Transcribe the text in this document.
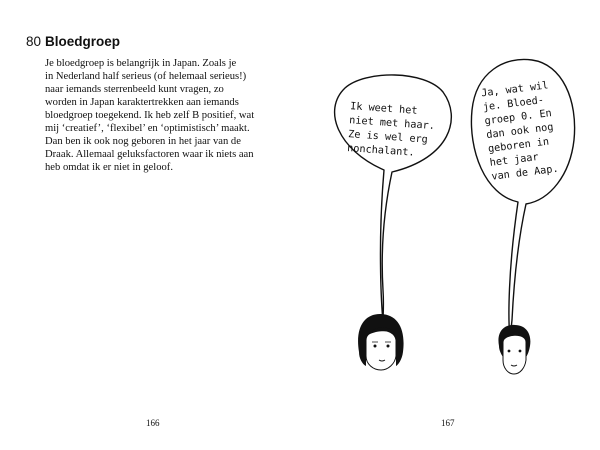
80 Bloedgroep

Je bloedgroep is belangrijk in Japan. Zoals je
in Nederland half serieus (of helemaal serieus!)
naar iemands sterrenbeeld kunt vragen, zo
worden in Japan karaktertrekken aan iemands
bloedgroep toegekend. Ik heb zelf B positief, wat
mij ‘creatief’, ‘flexibel’ en ‘optimistisch’ maakt.
Dan ben ik ook nog geboren in het jaar van de
Draak. Allemaal geluksfactoren waar ik niets aan
heb omdat ik er niet in geloof.

166
Ik weet het niet met haar. Ze is wel erg nonchalant.
Ja, wat wil je. Bloed- groep 0. En dan ook nog geboren in het jaar van de Aap.
167
